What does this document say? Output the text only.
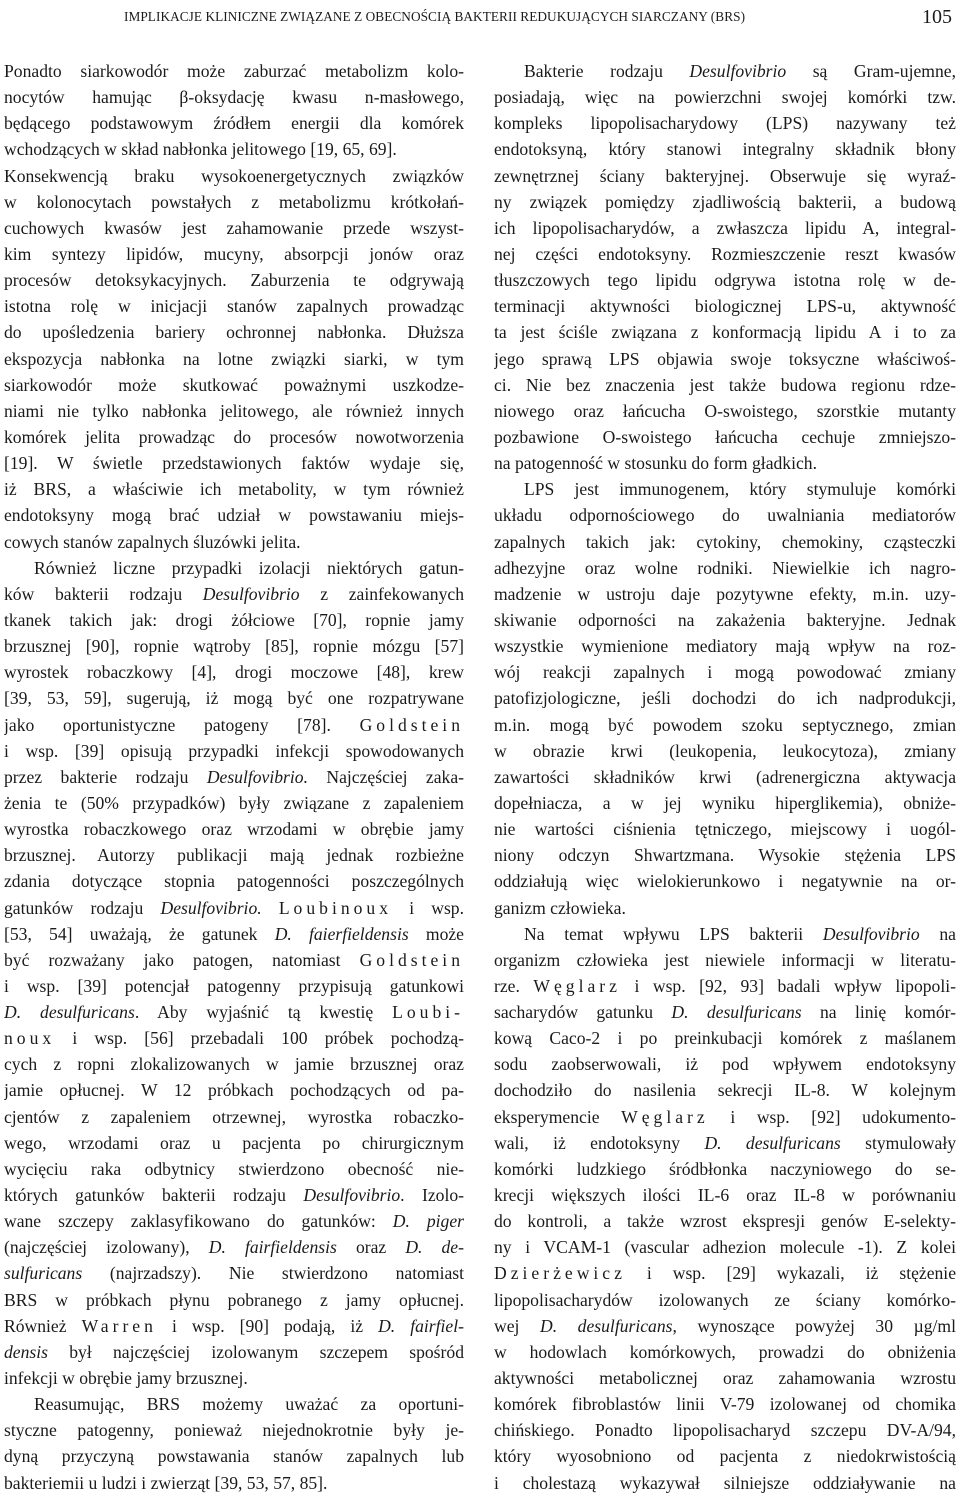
IMPLIKACJE KLINICZNE ZWIĄZANE Z OBECNOŚCIĄ BAKTERII REDUKUJĄCYCH SIARCZANY (BRS)	105
Ponadto siarkowodór może zaburzać metabolizm kolo-
nocytów hamując β-oksydację kwasu n-masłowego,
będącego podstawowym źródłem energii dla komórek
wchodzących w skład nabłonka jelitowego [19, 65, 69].
Konsekwencją braku wysokoenergetycznych związków
w kolonocytach powstałych z metabolizmu krótkołań-
cuchowych kwasów jest zahamowanie przede wszyst-
kim syntezy lipidów, mucyny, absorpcji jonów oraz
procesów detoksykacyjnych. Zaburzenia te odgrywają
istotna rolę w inicjacji stanów zapalnych prowadząc
do upośledzenia bariery ochronnej nabłonka. Dłuższa
ekspozycja nabłonka na lotne związki siarki, w tym
siarkowodór może skutkować poważnymi uszkodze-
niami nie tylko nabłonka jelitowego, ale również innych
komórek jelita prowadząc do procesów nowotworzenia
[19]. W świetle przedstawionych faktów wydaje się,
iż BRS, a właściwie ich metabolity, w tym również
endotoksyny mogą brać udział w powstawaniu miejs-
cowych stanów zapalnych śluzówki jelita.
Również liczne przypadki izolacji niektórych gatun-
ków bakterii rodzaju Desulfovibrio z zainfekowanych
tkanek takich jak: drogi żółciowe [70], ropnie jamy
brzusznej [90], ropnie wątroby [85], ropnie mózgu [57]
wyrostek robaczkowy [4], drogi moczowe [48], krew
[39, 53, 59], sugerują, iż mogą być one rozpatrywane
jako oportunistyczne patogeny [78]. Goldstein
i wsp. [39] opisują przypadki infekcji spowodowanych
przez bakterie rodzaju Desulfovibrio. Najczęściej zaka-
żenia te (50% przypadków) były związane z zapaleniem
wyrostka robaczkowego oraz wrzodami w obrębie jamy
brzusznej. Autorzy publikacji mają jednak rozbieżne
zdania dotyczące stopnia patogenności poszczególnych
gatunków rodzaju Desulfovibrio. Loubinoux i wsp.
[53, 54] uważają, że gatunek D. faierfieldensis może
być rozważany jako patogen, natomiast Goldstein
i wsp. [39] potencjał patogenny przypisują gatunkowi
D. desulfuricans. Aby wyjaśnić tą kwestię Loubi-
noux i wsp. [56] przebadali 100 próbek pochodzą-
cych z ropni zlokalizowanych w jamie brzusznej oraz
jamie opłucnej. W 12 próbkach pochodzących od pa-
cjentów z zapaleniem otrzewnej, wyrostka robaczko-
wego, wrzodami oraz u pacjenta po chirurgicznym
wycięciu raka odbytnicy stwierdzono obecność nie-
których gatunków bakterii rodzaju Desulfovibrio. Izolo-
wane szczepy zaklasyfikowano do gatunków: D. piger
(najczęściej izolowany), D. fairfieldensis oraz D. de-
sulfuricans (najrzadszy). Nie stwierdzono natomiast
BRS w próbkach płynu pobranego z jamy opłucnej.
Również Warren i wsp. [90] podają, iż D. fairfiel-
densis był najczęściej izolowanym szczepem spośród
infekcji w obrębie jamy brzusznej.
Reasumując, BRS możemy uważać za oportuni-
styczne patogenny, ponieważ niejednokrotnie były je-
dyną przyczyną powstawania stanów zapalnych lub
bakteriemii u ludzi i zwierząt [39, 53, 57, 85].
Bakterie rodzaju Desulfovibrio są Gram-ujemne,
posiadają, więc na powierzchni swojej komórki tzw.
kompleks lipopolisacharydowy (LPS) nazywany też
endotoksyną, który stanowi integralny składnik błony
zewnętrznej ściany bakteryjnej. Obserwuje się wyraź-
ny związek pomiędzy zjadliwością bakterii, a budową
ich lipopolisacharydów, a zwłaszcza lipidu A, integral-
nej części endotoksyny. Rozmieszczenie reszt kwasów
tłuszczowych tego lipidu odgrywa istotna rolę w de-
terminacji aktywności biologicznej LPS-u, aktywność
ta jest ściśle związana z konformacją lipidu A i to za
jego sprawą LPS objawia swoje toksyczne właściwoś-
ci. Nie bez znaczenia jest także budowa regionu rdze-
niowego oraz łańcucha O-swoistego, szorstkie mutanty
pozbawione O-swoistego łańcucha cechuje zmniejszo-
na patogenność w stosunku do form gładkich.
LPS jest immunogenem, który stymuluje komórki
układu odpornościowego do uwalniania mediatorów
zapalnych takich jak: cytokiny, chemokiny, cząsteczki
adhezyjne oraz wolne rodniki. Niewielkie ich nagro-
madzenie w ustroju daje pozytywne efekty, m.in. uzy-
skiwanie odporności na zakażenia bakteryjne. Jednak
wszystkie wymienione mediatory mają wpływ na roz-
wój reakcji zapalnych i mogą powodować zmiany
patofizjologiczne, jeśli dochodzi do ich nadprodukcji,
m.in. mogą być powodem szoku septycznego, zmian
w obrazie krwi (leukopenia, leukocytoza), zmiany
zawartości składników krwi (adrenergiczna aktywacja
dopełniacza, a w jej wyniku hiperglikemia), obniże-
nie wartości ciśnienia tętniczego, miejscowy i uogól-
niony odczyn Shwartzmana. Wysokie stężenia LPS
oddziałują więc wielokierunkowo i negatywnie na or-
ganizm człowieka.
Na temat wpływu LPS bakterii Desulfovibrio na
organizm człowieka jest niewiele informacji w literatu-
rze. Węglarz i wsp. [92, 93] badali wpływ lipopoli-
sacharydów gatunku D. desulfuricans na linię komór-
kową Caco-2 i po preinkubacji komórek z maślanem
sodu zaobserwowali, iż pod wpływem endotoksyny
dochodziło do nasilenia sekrecji IL-8. W kolejnym
eksperymencie Węglarz i wsp. [92] udokumento-
wali, iż endotoksyny D. desulfuricans stymulowały
komórki ludzkiego śródbłonka naczyniowego do se-
krecji większych ilości IL-6 oraz IL-8 w porównaniu
do kontroli, a także wzrost ekspresji genów E-selekty-
ny i VCAM-1 (vascular adhezion molecule -1). Z kolei
Dzierżewicz i wsp. [29] wykazali, iż stężenie
lipopolisacharydów izolowanych ze ściany komórko-
wej D. desulfuricans, wynoszące powyżej 30 µg/ml
w hodowlach komórkowych, prowadzi do obniżenia
aktywności metabolicznej oraz zahamowania wzrostu
komórek fibroblastów linii V-79 izolowanej od chomika
chińskiego. Ponadto lipopolisacharyd szczepu DV-A/94,
który wyosobniono od pacjenta z niedokrwistością
i cholestazą wykazywał silniejsze oddziaływanie na
